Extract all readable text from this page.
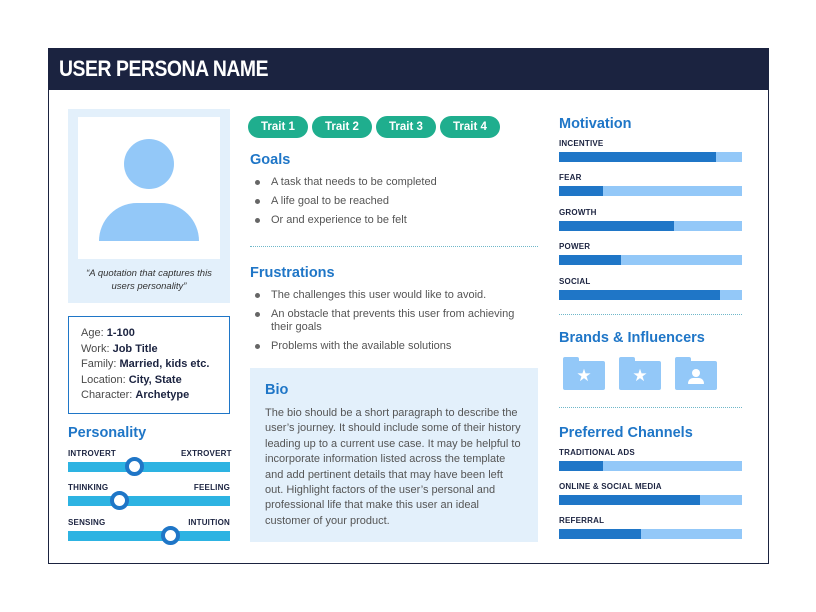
USER PERSONA NAME
“A quotation that captures this users personality”
Age: 1-100
Work: Job Title
Family: Married, kids etc.
Location: City, State
Character: Archetype
Personality
INTROVERT	EXTROVERT
THINKING	FEELING
SENSING	INTUITION
Trait 1	Trait 2	Trait 3	Trait 4
Goals
A task that needs to be completed
A life goal to be reached
Or and experience to be felt
Frustrations
The challenges this user would like to avoid.
An obstacle that prevents this user from achieving their goals
Problems with the available solutions
Bio
The bio should be a short paragraph to describe the user’s journey. It should include some of their history leading up to a current use case. It may be helpful to incorporate information listed across the template and add pertinent details that may have been left out. Highlight factors of the user’s personal and professional life that make this user an ideal customer of your product.
Motivation
INCENTIVE
FEAR
GROWTH
POWER
SOCIAL
Brands & Influencers
★	★
Preferred Channels
TRADITIONAL ADS
ONLINE & SOCIAL MEDIA
REFERRAL
